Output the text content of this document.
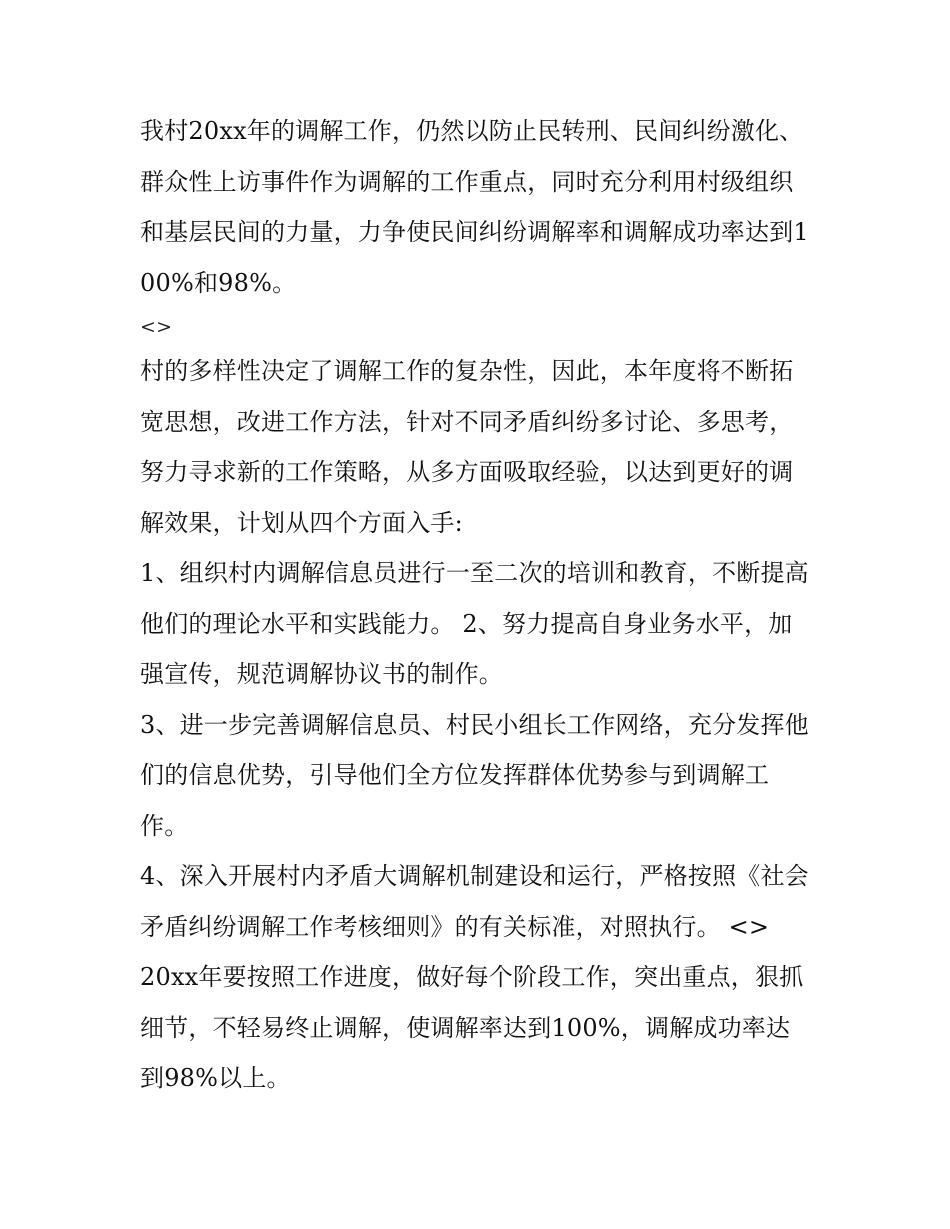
我村20xx年的调解工作，仍然以防止民转刑、民间纠纷激化、群众性上访事件作为调解的工作重点，同时充分利用村级组织和基层民间的力量，力争使民间纠纷调解率和调解成功率达到100%和98%。

<>

村的多样性决定了调解工作的复杂性，因此，本年度将不断拓宽思想，改进工作方法，针对不同矛盾纠纷多讨论、多思考，努力寻求新的工作策略，从多方面吸取经验，以达到更好的调解效果，计划从四个方面入手:

1、组织村内调解信息员进行一至二次的培训和教育，不断提高他们的理论水平和实践能力。 2、努力提高自身业务水平，加强宣传，规范调解协议书的制作。

3、进一步完善调解信息员、村民小组长工作网络，充分发挥他们的信息优势，引导他们全方位发挥群体优势参与到调解工作。

4、深入开展村内矛盾大调解机制建设和运行，严格按照《社会矛盾纠纷调解工作考核细则》的有关标准，对照执行。 <>

20xx年要按照工作进度，做好每个阶段工作，突出重点，狠抓细节，不轻易终止调解，使调解率达到100%，调解成功率达到98%以上。
